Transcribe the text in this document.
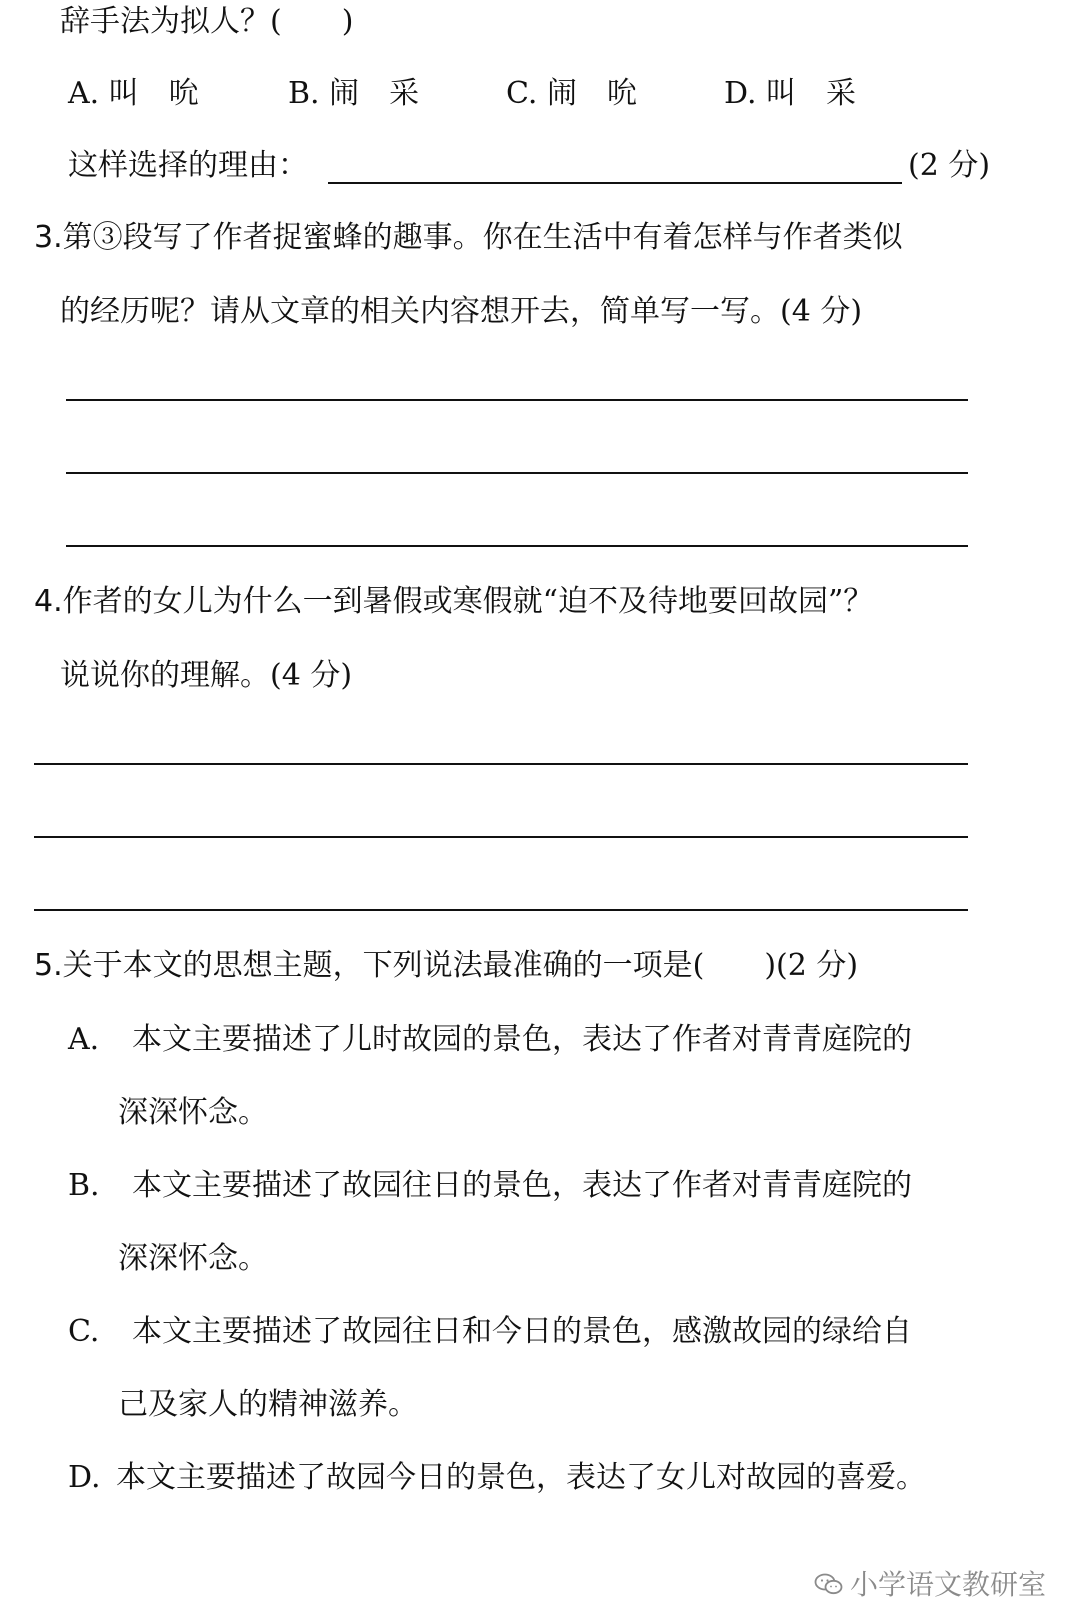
辞手法为拟人？(　　)
A. 叫　吮	B. 闹　采	C. 闹　吮	D. 叫　采
这样选择的理由：	(2 分)
3.第③段写了作者捉蜜蜂的趣事。你在生活中有着怎样与作者类似
的经历呢？请从文章的相关内容想开去，简单写一写。(4 分)
4.作者的女儿为什么一到暑假或寒假就“迫不及待地要回故园”？
说说你的理解。(4 分)
5.关于本文的思想主题，下列说法最准确的一项是(　　)(2 分)
A. 本文主要描述了儿时故园的景色，表达了作者对青青庭院的
深深怀念。
B. 本文主要描述了故园往日的景色，表达了作者对青青庭院的
深深怀念。
C. 本文主要描述了故园往日和今日的景色，感激故园的绿给自
己及家人的精神滋养。
D. 本文主要描述了故园今日的景色，表达了女儿对故园的喜爱。
小学语文教研室
